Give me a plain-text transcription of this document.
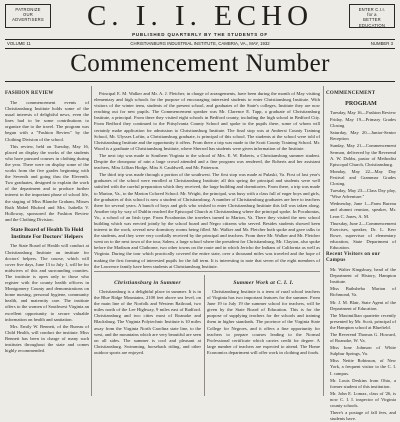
PATRONIZE
OUR
ADVERTISERS	C. I. I. ECHO	ENTER C.I.I.
for a
BETTER EDUCATION
PUBLISHED QUARTERLY BY THE STUDENTS OF
VOLUME 11	CHRISTIANBURG INDUSTRIAL INSTITUTE, CAMBRIA, VA., MAY, 1932	NUMBER 3
Commencement Number
FASHION REVIEW

The commencement events of Christiansburg Institute holds some of the usual interests of delightful news, even the lines had to be some contributions to organize due to the travel. The program was begun with a "Fashion Review" by the Clothing Division of the school.

This review, held on Tuesday, May 16, placed on display the works of the students who have pursued courses in clothing during the year. There were on display some of the works from the five grades beginning with the Seventh and going thru the Eleventh. Two graduates, designed to explain the work of the department and to produce further interest in the important phase of school life, the staging of Miss Blanche Graham, Misses Ruth Mabel Bluford and Mrs. Isabella V. Holloway, sponsored the Fashion Review and the Clothing Division.

State Board of Health To Hold Institute For Doctors' Helpers

The State Board of Health will conduct at Christiansburg Institute an institute for doctors' helpers. The course, which will cover five days, June 13 to July 1, will be for midwives of this and surrounding counties. The institute is open only to those who register with the county health officers in Montgomery County and demonstrations on home nursing, personal hygiene, community health, and maternity care. The institute offers to the women of Southwest Virginia an excellent opportunity to secure valuable information on health and sanitation.

Mrs. Emily W. Bennett, of the Bureau of Child Health, will conduct the institute. Miss Bennett has been in charge of many such institutes throughout the state and comes highly recommended.

Principal E. M. Walker and Mr. A. J. Fletcher, in charge of arrangements, have been during the month of May visiting elementary and high schools for the purpose of encouraging interested students to enter Christiansburg Institute. With visitors of the winter term, students of the present school, and graduates of the State's colleges, Institute they are now reaching out for new pupils. The Commencement speaker was Mr. Clarence E. Tapp, a graduate of Christiansburg Institute, a principal. From there they visited eight schools in Bedford county, including the high school in Bedford City. From Bedford they continued to the Pittsylvania County School and spoke to the pupils there, some of whom will certainly make application for admission to Christiansburg Institute. The final stop was at Amherst County Training School, Mr. Ulysses Loftin, a Christiansburg graduate, is principal of this school. The students at the school were told of Christiansburg Institute and the opportunity it offers. From there a trip was made to the Scott County Training School. Mr. Wood is a graduate of Christiansburg Institute, where Sherrod has students were given information of the Institute.

The next trip was made to Southern Virginia to the school of Mrs. E. W. Roberts, a Christiansburg summer student. Despite the downpour of rain a large crowd attended and a fine program was rendered, the Roberts and her assistant teachers, Miss Lillian Hodge, Miss S. Cauldwell, and Mr. Patterson.

The third trip was made through a portion of the southwest. The first stop was made at Pulaski, Va. First of last year's graduates of the school were enrolled at Christiansburg Institute; all this spring the principal and students were well satisfied with the careful preparation which they received, the large building and dormitories. From there, a trip was made to Marion, Va., to the Marion Colored School. Mr. Wright, the principal, was busy with a class full of eager boys and girls, the graduates of this school is now a student of Christiansburg. A number of Christiansburg graduates are here to teachers there for several years. A bunch of boys and girls who wished to enter Christiansburg Institute this fall was taken along. Another trip by way of Dublin reached the Episcopal Church at Christiansburg where the principal spoke. In Pocahontas, Va., a school of an Irish type. From Pocahontas the travelers turned to Marion, Va. There they visited the new school building which was erected jointly by the school board and Negro citizens who served. Besides students showed keen interest in the work, several new dormitory rooms being filled. Mr. Walker and Mr. Fletcher both spoke and gave talks to the students, and they were very cordially received by the principal and teachers. From there Mr. Walker and Mr. Fletcher went on to the next town of the tour, Salem, a large school where the president for Christiansburg, Mr. Clayton, also spoke before the Madison and Claiborne, two other towns on the route and in which Jericho the Indians of California as well as Virginia. During the tour which practically covered the entire state, over a thousand miles was traveled and the hope of making the first forming of interested pupils for the fall term. It is interesting to note that seven of the eight members of the Lawrence family have been students at Christiansburg Institute.

Christiansburg in Summer

Christiansburg is a delightful place in summer. It is in the Blue Ridge Mountains, 2100 feet above sea level, on the main line of the Norfolk and Western Railroad, two miles north of the Lee Highway, 9 miles east of Radford. Christiansburg and two cities most of Roanoke and Blacksburg. The Virginia Polytechnic Institute is 10 miles away from the Virginia North Carolina state line, to the west, and the mountains which are very beautiful are seen on all sides. The summer is cool and pleasant at Christiansburg. Swimming, horseback riding, and other outdoor sports are enjoyed.

Summer Work at C. I. I.

Christiansburg Institute is a term of rural school teachers of Virginia has two important features for the summer. From June 19 to July 19 the summer school for teachers, will be given by the State Board of Education. This is for the purpose of supplying teachers for the schools and training them in higher standards. The province of the Virginia State College for Negroes, and it offers a fine opportunity for teachers to prepare courses leading to the Normal Professional certificate which carries credit for degree. A large number of teachers are expected to attend. The Home Economics department will offer work in clothing and foods.

COMMENCEMENT
PROGRAM

Tuesday, May 16—Fashion Review

Friday, May 19—Primary Grades Closing

Saturday, May 20—Junior-Senior Reception

Sunday, May 21—Commencement Sermon, delivered by the Reverend A. W. Dobbs, pastor of Methodist Episcopal Church, Christiansburg.

Monday, May 22—May Day Festival and Grammar Grades Closing.

Tuesday, May 23—Class Day play, "Wise Adventure."

Wednesday, June 1—Farm Bureau and alumni reunion, speaker, Mr. Leon C. Jones, A. M.

Thursday, June 2—Commencement Exercises, speaker, Dr. L. Kerr Rowe, supervisor of elementary education, State Department of Education.

Recent Visitors on our Campus

Mr. Walter Kingsbury, head of the Department of History, Hampton Institute.

Miss Bathsheba Marion of Richmond, Va.

Mr. J. M. Blair, State Agent of the Department of Education.

The Maximillian quartette recently presented by Mr. Scott, principal of the Hampton school at Bluefield.

The Reverend Thomas G. Howard, of Roanoke, W. Va.

Miss Ione Johnson of White Sulphur Springs, Va.

Miss Nettie Robinson, of New York, a frequent visitor to the C. I. I. campus.

Mr. Louis Deskins from Ohio, a former student of this institution.

Mr. John E. Lomax, class of '26, is now C. I. I. inspector of Virginia county schools.

There's a postage of fall fees, and students have.
